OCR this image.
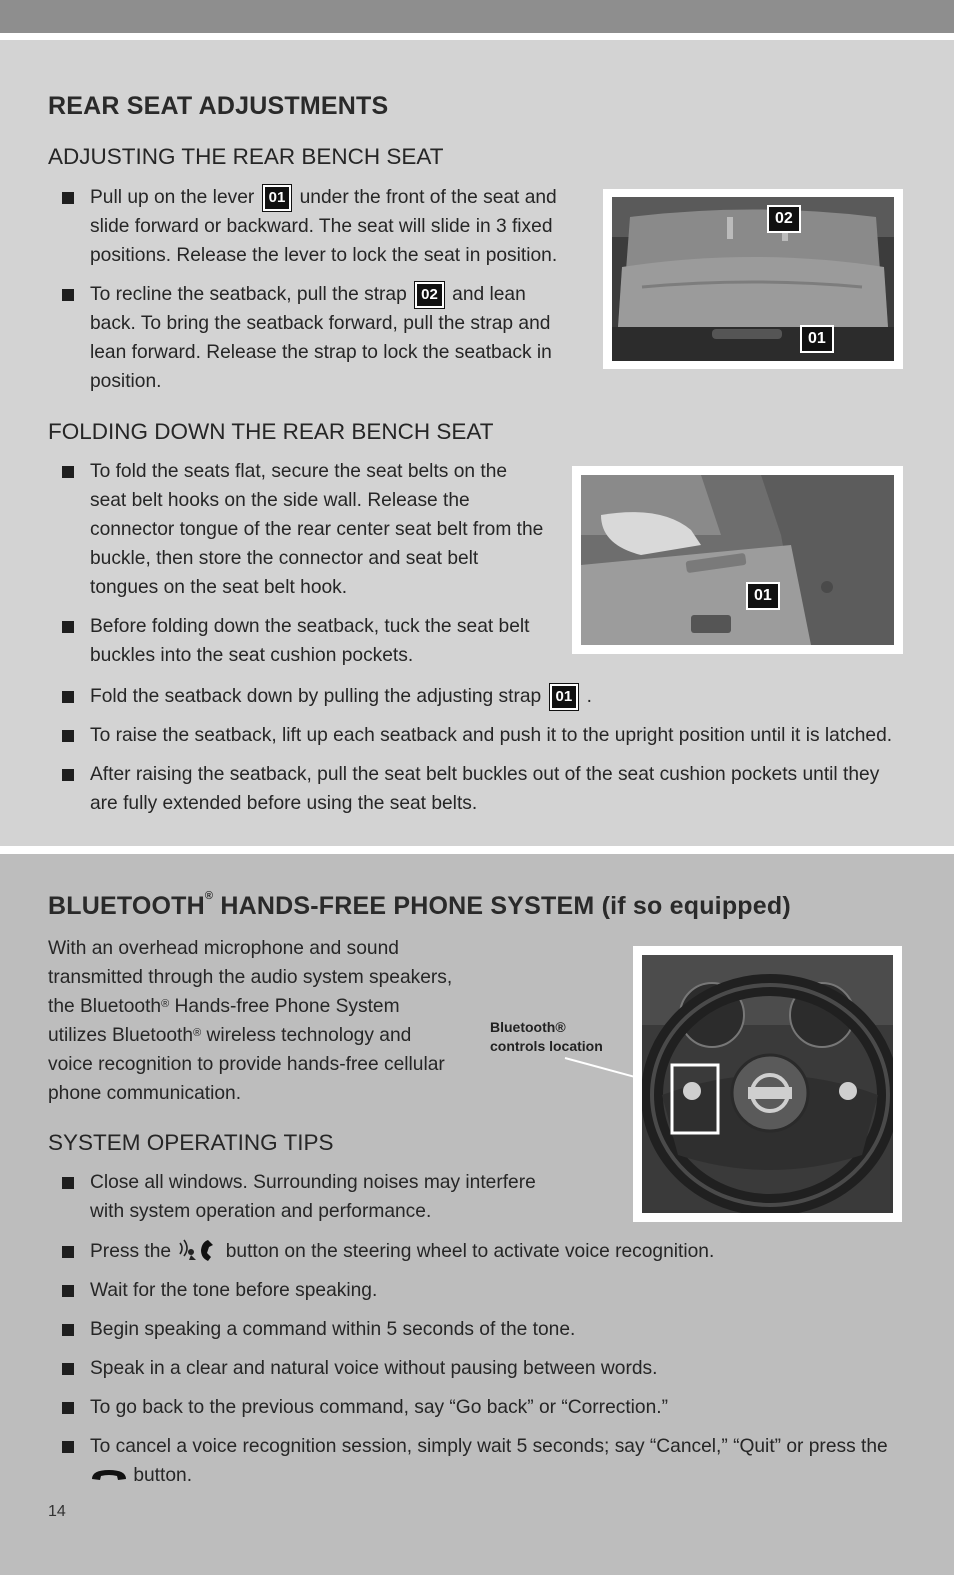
REAR SEAT ADJUSTMENTS
ADJUSTING THE REAR BENCH SEAT
Pull up on the lever 01 under the front of the seat and slide forward or backward. The seat will slide in 3 fixed positions. Release the lever to lock the seat in position.
To recline the seatback, pull the strap 02 and lean back. To bring the seatback forward, pull the strap and lean forward. Release the strap to lock the seatback in position.
02
01
FOLDING DOWN THE REAR BENCH SEAT
To fold the seats flat, secure the seat belts on the seat belt hooks on the side wall. Release the connector tongue of the rear center seat belt from the buckle, then store the connector and seat belt tongues on the seat belt hook.
Before folding down the seatback, tuck the seat belt buckles into the seat cushion pockets.
Fold the seatback down by pulling the adjusting strap 01 .
To raise the seatback, lift up each seatback and push it to the upright position until it is latched.
After raising the seatback, pull the seat belt buckles out of the seat cushion pockets until they are fully extended before using the seat belts.
01
BLUETOOTH® HANDS-FREE PHONE SYSTEM (if so equipped)

With an overhead microphone and sound transmitted through the audio system speakers, the Bluetooth® Hands-free Phone System utilizes Bluetooth® wireless technology and voice recognition to provide hands-free cellular phone communication.

Bluetooth®
controls location
SYSTEM OPERATING TIPS
Close all windows. Surrounding noises may interfere with system operation and performance.
Press the	button on the steering wheel to activate voice recognition.
Wait for the tone before speaking.
Begin speaking a command within 5 seconds of the tone.
Speak in a clear and natural voice without pausing between words.
To go back to the previous command, say “Go back” or “Correction.”
To cancel a voice recognition session, simply wait 5 seconds; say “Cancel,” “Quit” or press the  button.
14
